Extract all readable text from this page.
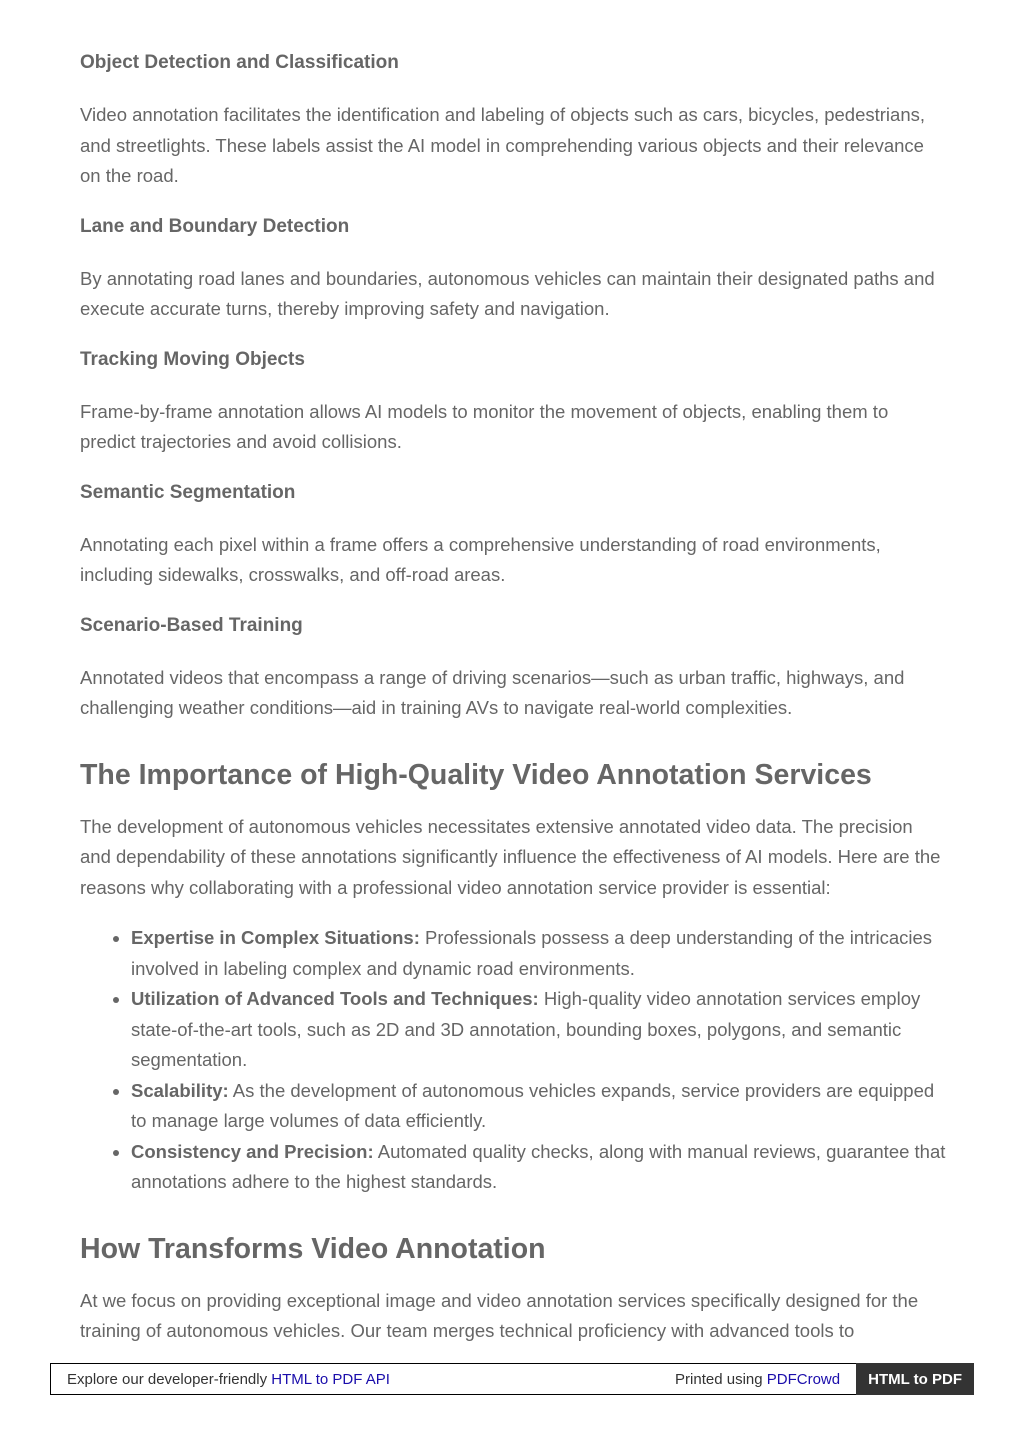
Object Detection and Classification

Video annotation facilitates the identification and labeling of objects such as cars, bicycles, pedestrians, and streetlights. These labels assist the AI model in comprehending various objects and their relevance on the road.

Lane and Boundary Detection

By annotating road lanes and boundaries, autonomous vehicles can maintain their designated paths and execute accurate turns, thereby improving safety and navigation.

Tracking Moving Objects

Frame-by-frame annotation allows AI models to monitor the movement of objects, enabling them to predict trajectories and avoid collisions.

Semantic Segmentation

Annotating each pixel within a frame offers a comprehensive understanding of road environments, including sidewalks, crosswalks, and off-road areas.

Scenario-Based Training

Annotated videos that encompass a range of driving scenarios—such as urban traffic, highways, and challenging weather conditions—aid in training AVs to navigate real-world complexities.

The Importance of High-Quality Video Annotation Services

The development of autonomous vehicles necessitates extensive annotated video data. The precision and dependability of these annotations significantly influence the effectiveness of AI models. Here are the reasons why collaborating with a professional video annotation service provider is essential:

• Expertise in Complex Situations: Professionals possess a deep understanding of the intricacies involved in labeling complex and dynamic road environments.
• Utilization of Advanced Tools and Techniques: High-quality video annotation services employ state-of-the-art tools, such as 2D and 3D annotation, bounding boxes, polygons, and semantic segmentation.
• Scalability: As the development of autonomous vehicles expands, service providers are equipped to manage large volumes of data efficiently.
• Consistency and Precision: Automated quality checks, along with manual reviews, guarantee that annotations adhere to the highest standards.
How Transforms Video Annotation

At we focus on providing exceptional image and video annotation services specifically designed for the training of autonomous vehicles. Our team merges technical proficiency with advanced tools to

Explore our developer-friendly HTML to PDF API	Printed using PDFCrowd	HTML to PDF
